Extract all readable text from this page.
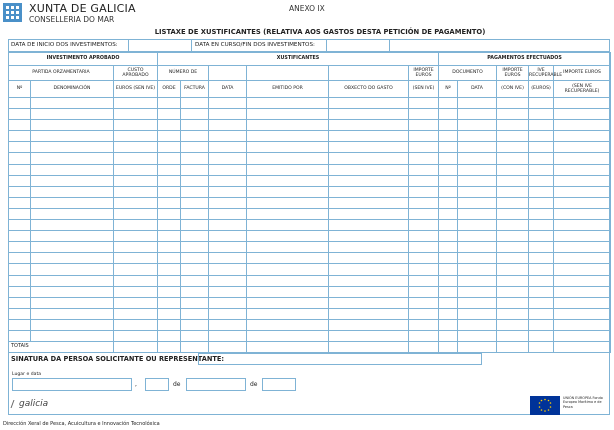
XUNTA DE GALICIA
CONSELLERIA DO MAR
ANEXO IX
LISTAXE DE XUSTIFICANTES (RELATIVA AOS GASTOS DESTA PETICIÓN DE PAGAMENTO)
DATA DE INICIO DOS INVESTIMENTOS:	DATA EN CURSO/FIN DOS INVESTIMENTOS:
INVESTIMENTO APROBADO			XUSTIFICANTES						PAGAMENTOS EFECTUADOS				
PARTIDA ORZAMENTARIA		CUSTO APROBADO	NÚMERO DE					IMPORTE EUROS	DOCUMENTO		IMPORTE EUROS	IVE RECUPERABLE	IMPORTE EUROS
Nº	DENOMINACIÓN	EUROS (SEN IVE)	ORDE	FACTURA	DATA	EMITIDO POR	OBXECTO DO GASTO	(SEN IVE)	Nº	DATA	(CON IVE)	(EUROS)	(SEN IVE RECUPERABLE)

TOTAIS													
SINATURA DA PERSOA SOLICITANTE OU REPRESENTANTE:
Lugar e data
,	de	de
galicia
UNIÓN EUROPEA Fondo Europeo Marítimo e de Pesca
Dirección Xeral de Pesca, Acuicultura e Innovación Tecnolóxica
